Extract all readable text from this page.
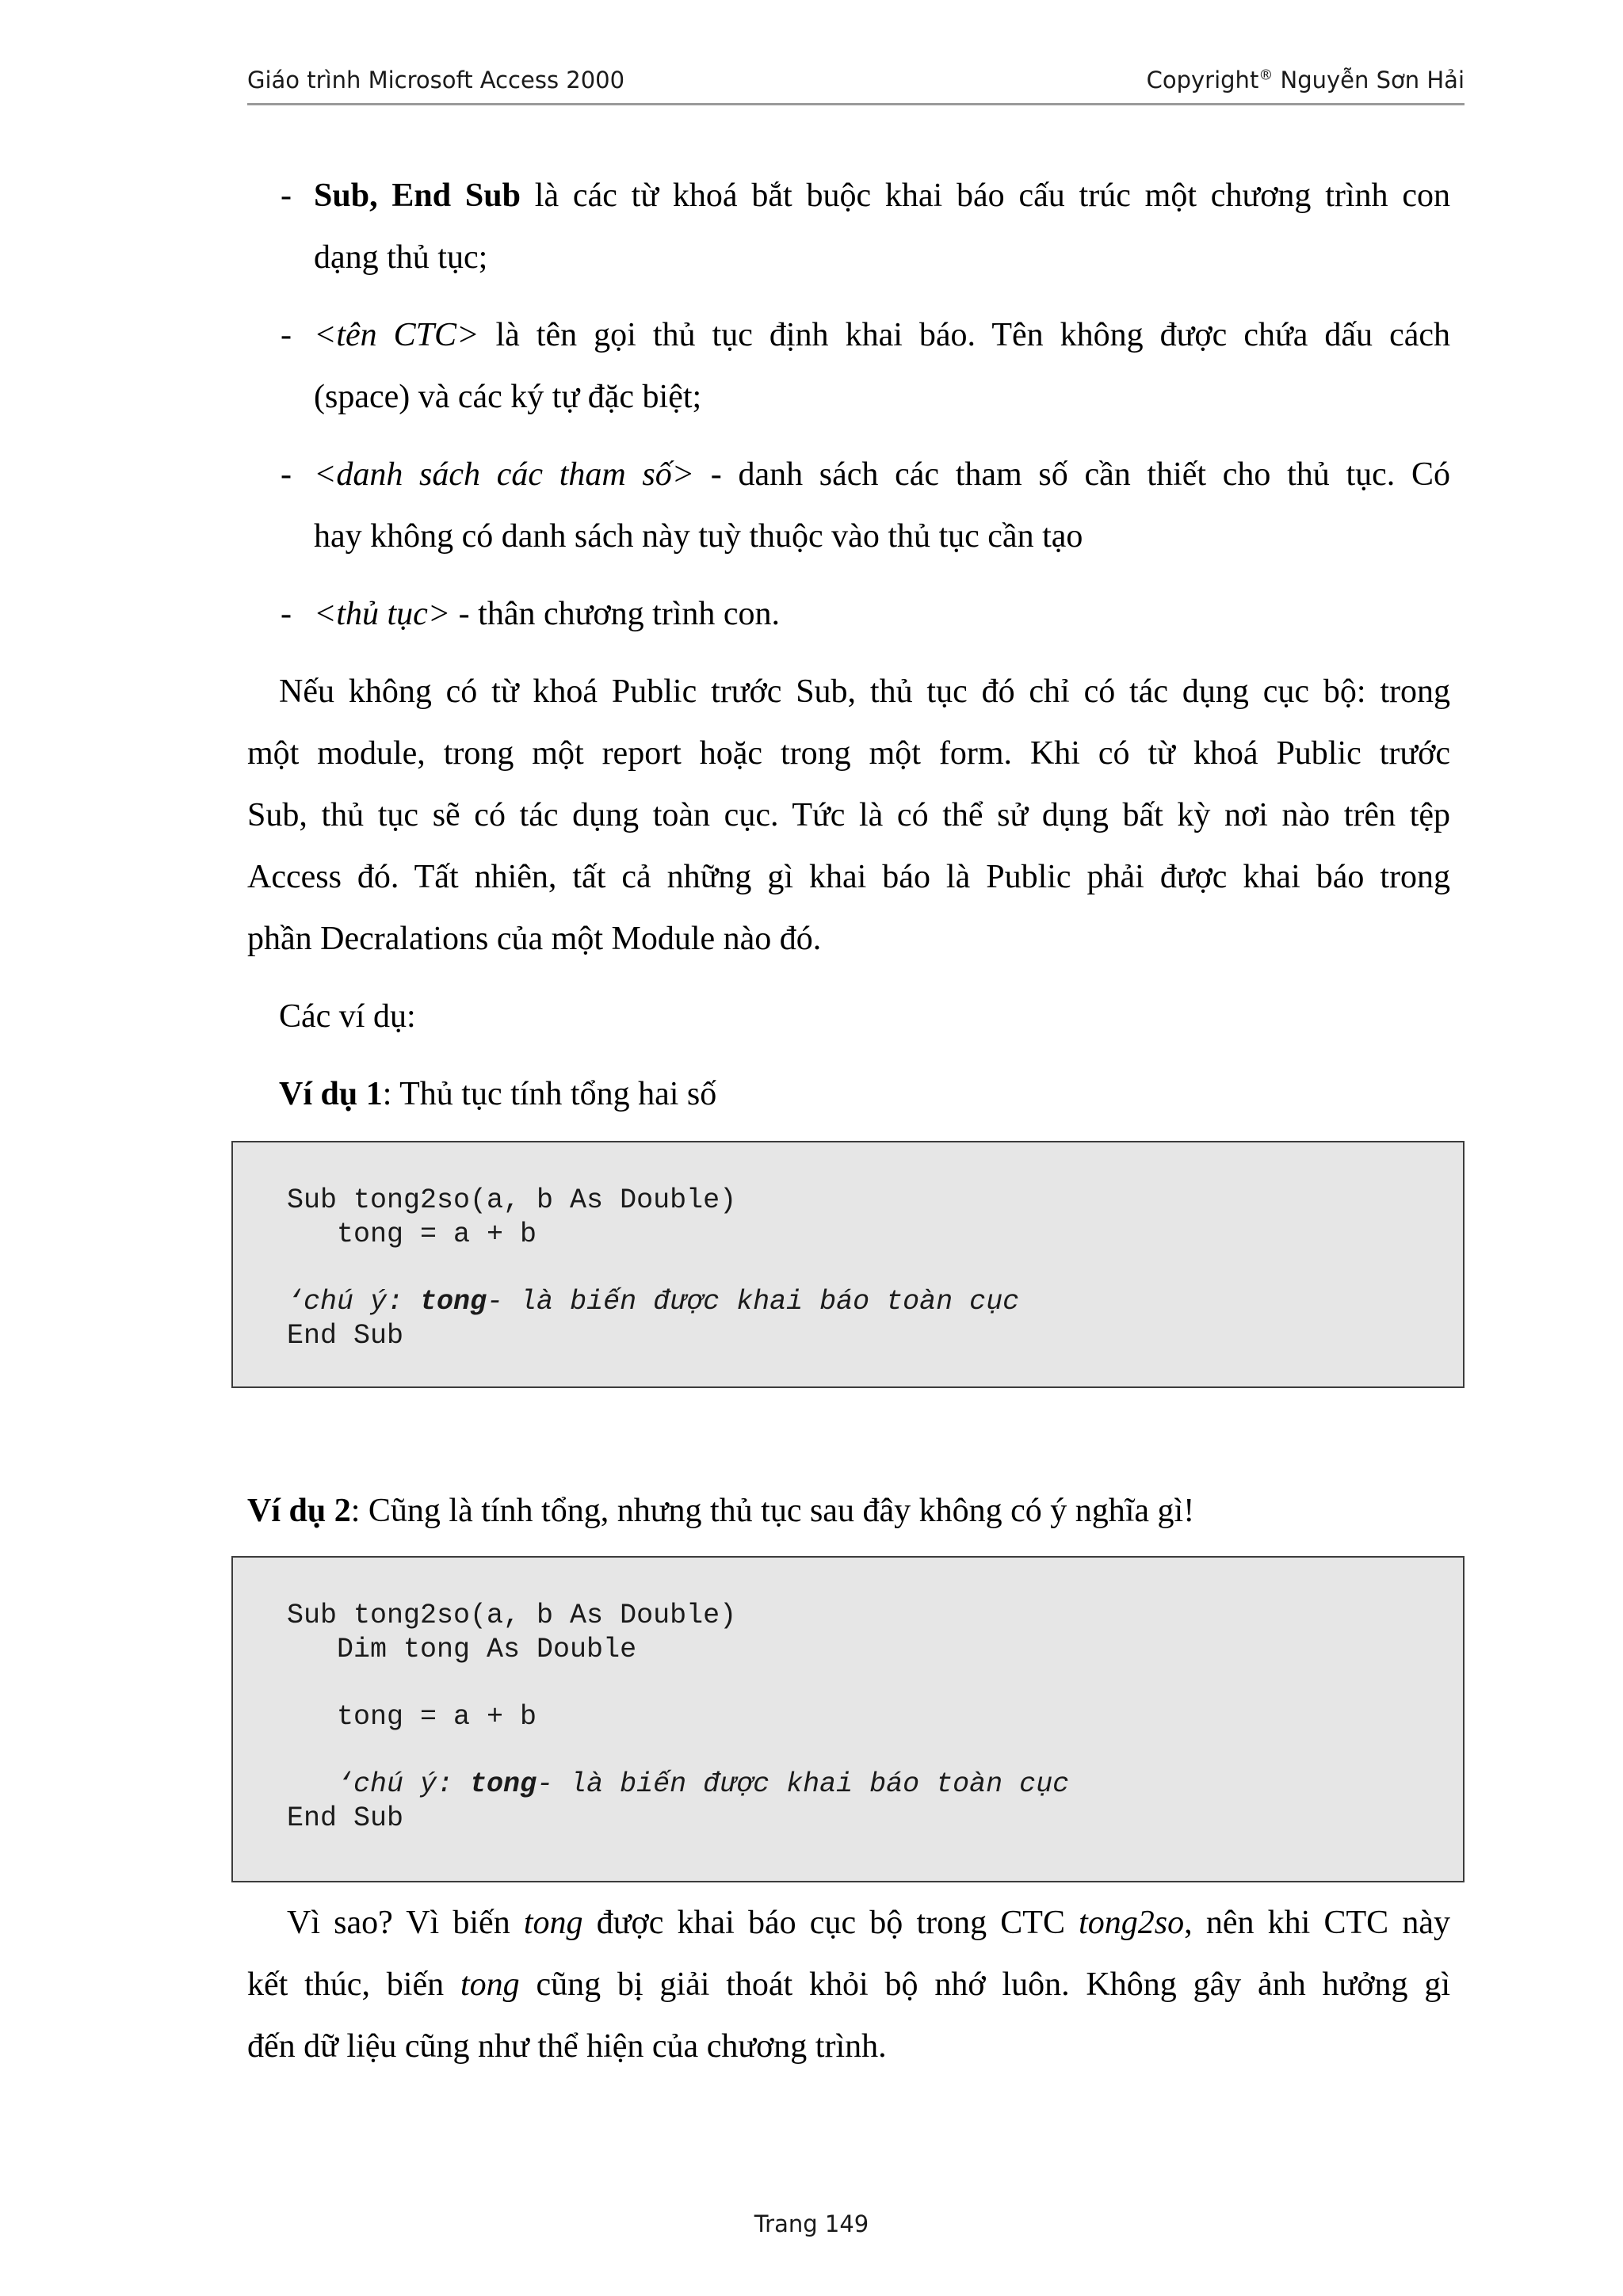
Giáo trình Microsoft Access 2000	Copyright® Nguyễn Sơn Hải
- Sub, End Sub là các từ khoá bắt buộc khai báo cấu trúc một chương trình con
dạng thủ tục;
- <tên CTC> là tên gọi thủ tục định khai báo. Tên không được chứa dấu cách
(space) và các ký tự đặc biệt;
- <danh sách các tham số> - danh sách các tham số cần thiết cho thủ tục. Có
hay không có danh sách này tuỳ thuộc vào thủ tục cần tạo
- <thủ tục> - thân chương trình con.
Nếu không có từ khoá Public trước Sub, thủ tục đó chỉ có tác dụng cục bộ: trong
một module, trong một report hoặc trong một form. Khi có từ khoá Public trước
Sub, thủ tục sẽ có tác dụng toàn cục. Tức là có thể sử dụng bất kỳ nơi nào trên tệp
Access đó. Tất nhiên, tất cả những gì khai báo là Public phải được khai báo trong
phần Decralations của một Module nào đó.
Các ví dụ:
Ví dụ 1: Thủ tục tính tổng hai số
Sub tong2so(a, b As Double)
tong = a + b
‘chú ý: tong- là biến được khai báo toàn cục
End Sub
Ví dụ 2: Cũng là tính tổng, nhưng thủ tục sau đây không có ý nghĩa gì!
Sub tong2so(a, b As Double)
Dim tong As Double
tong = a + b
‘chú ý: tong- là biến được khai báo toàn cục
End Sub
Vì sao? Vì biến tong được khai báo cục bộ trong CTC tong2so, nên khi CTC này
kết thúc, biến tong cũng bị giải thoát khỏi bộ nhớ luôn. Không gây ảnh hưởng gì
đến dữ liệu cũng như thể hiện của chương trình.
Trang 149
